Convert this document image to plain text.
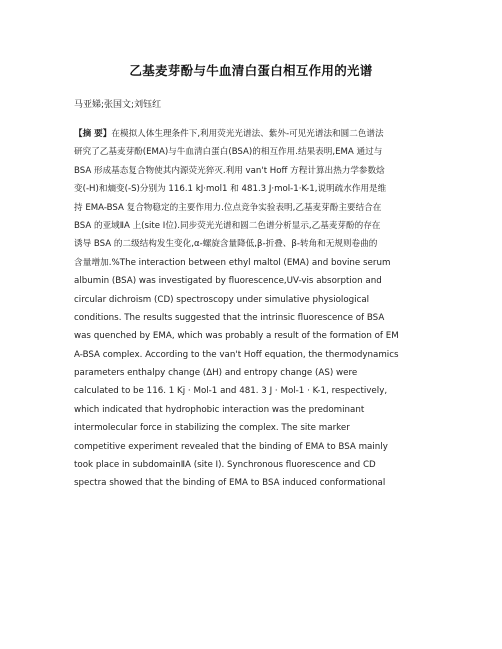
乙基麦芽酚与牛血清白蛋白相互作用的光谱
马亚娣;张国文;刘钰红
【摘 要】在模拟人体生理条件下,利用荧光光谱法、紫外-可见光谱法和圆二色谱法
研究了乙基麦芽酚(EMA)与牛血清白蛋白(BSA)的相互作用.结果表明,EMA 通过与
BSA 形成基态复合物使其内源荧光猝灭.利用 van't Hoff 方程计算出热力学参数焓
变(-H)和熵变(-S)分别为 116.1 kJ·mol1 和 481.3 J·mol-1·K-1,说明疏水作用是维
持 EMA-BSA 复合物稳定的主要作用力.位点竞争实验表明,乙基麦芽酚主要结合在
BSA 的亚域ⅡA 上(site Ⅰ位).同步荧光光谱和圆二色谱分析显示,乙基麦芽酚的存在
诱导 BSA 的二级结构发生变化,α-螺旋含量降低,β-折叠、β-转角和无规则卷曲的
含量增加.%The interaction between ethyl maltol (EMA) and bovine serum
albumin (BSA) was investigated by fluorescence,UV-vis absorption and
circular dichroism (CD) spectroscopy under simulative physiological
conditions. The results suggested that the intrinsic fluorescence of BSA
was quenched by EMA, which was probably a result of the formation of EM
A-BSA complex. According to the van't Hoff equation, the thermodynamics
parameters enthalpy change (ΔH) and entropy change (AS) were
calculated to be 116. 1 Kj · Mol-1 and 481. 3 J · Mol-1 · K-1, respectively,
which indicated that hydrophobic interaction was the predominant
intermolecular force in stabilizing the complex. The site marker
competitive experiment revealed that the binding of EMA to BSA mainly
took place in subdomainⅡA (site Ⅰ). Synchronous fluorescence and CD
spectra showed that the binding of EMA to BSA induced conformational
